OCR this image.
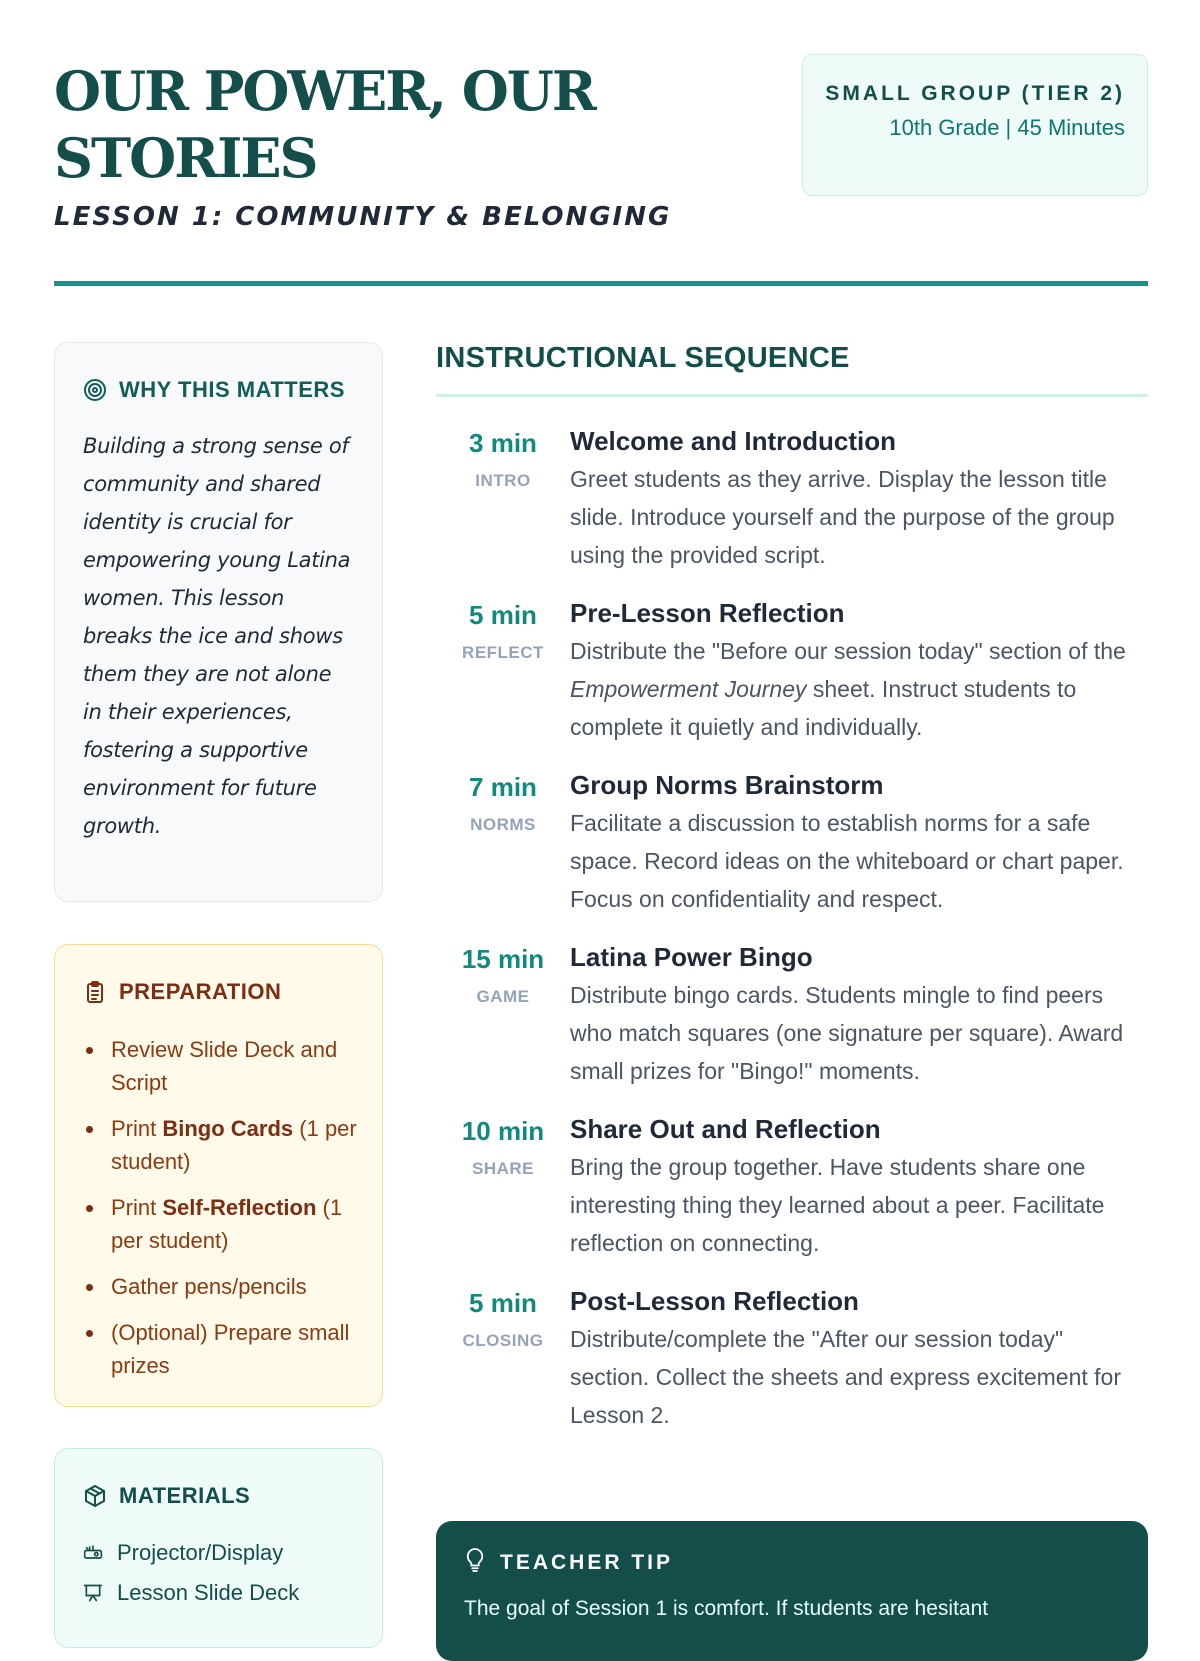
OUR POWER, OUR STORIES
LESSON 1: COMMUNITY & BELONGING
SMALL GROUP (TIER 2)
10th Grade | 45 Minutes
WHY THIS MATTERS

Building a strong sense of community and shared identity is crucial for empowering young Latina women. This lesson breaks the ice and shows them they are not alone in their experiences, fostering a supportive environment for future growth.

PREPARATION
Review Slide Deck and Script
Print Bingo Cards (1 per student)
Print Self-Reflection (1 per student)
Gather pens/pencils
(Optional) Prepare small prizes
MATERIALS
Projector/Display
Lesson Slide Deck
INSTRUCTIONAL SEQUENCE
3 min
INTRO
Welcome and Introduction

Greet students as they arrive. Display the lesson title slide. Introduce yourself and the purpose of the group using the provided script.

5 min
REFLECT
Pre-Lesson Reflection

Distribute the "Before our session today" section of the Empowerment Journey sheet. Instruct students to complete it quietly and individually.

7 min
NORMS
Group Norms Brainstorm

Facilitate a discussion to establish norms for a safe space. Record ideas on the whiteboard or chart paper. Focus on confidentiality and respect.

15 min
GAME
Latina Power Bingo

Distribute bingo cards. Students mingle to find peers who match squares (one signature per square). Award small prizes for "Bingo!" moments.

10 min
SHARE
Share Out and Reflection

Bring the group together. Have students share one interesting thing they learned about a peer. Facilitate reflection on connecting.

5 min
CLOSING
Post-Lesson Reflection

Distribute/complete the "After our session today" section. Collect the sheets and express excitement for Lesson 2.

TEACHER TIP

The goal of Session 1 is comfort. If students are hesitant
